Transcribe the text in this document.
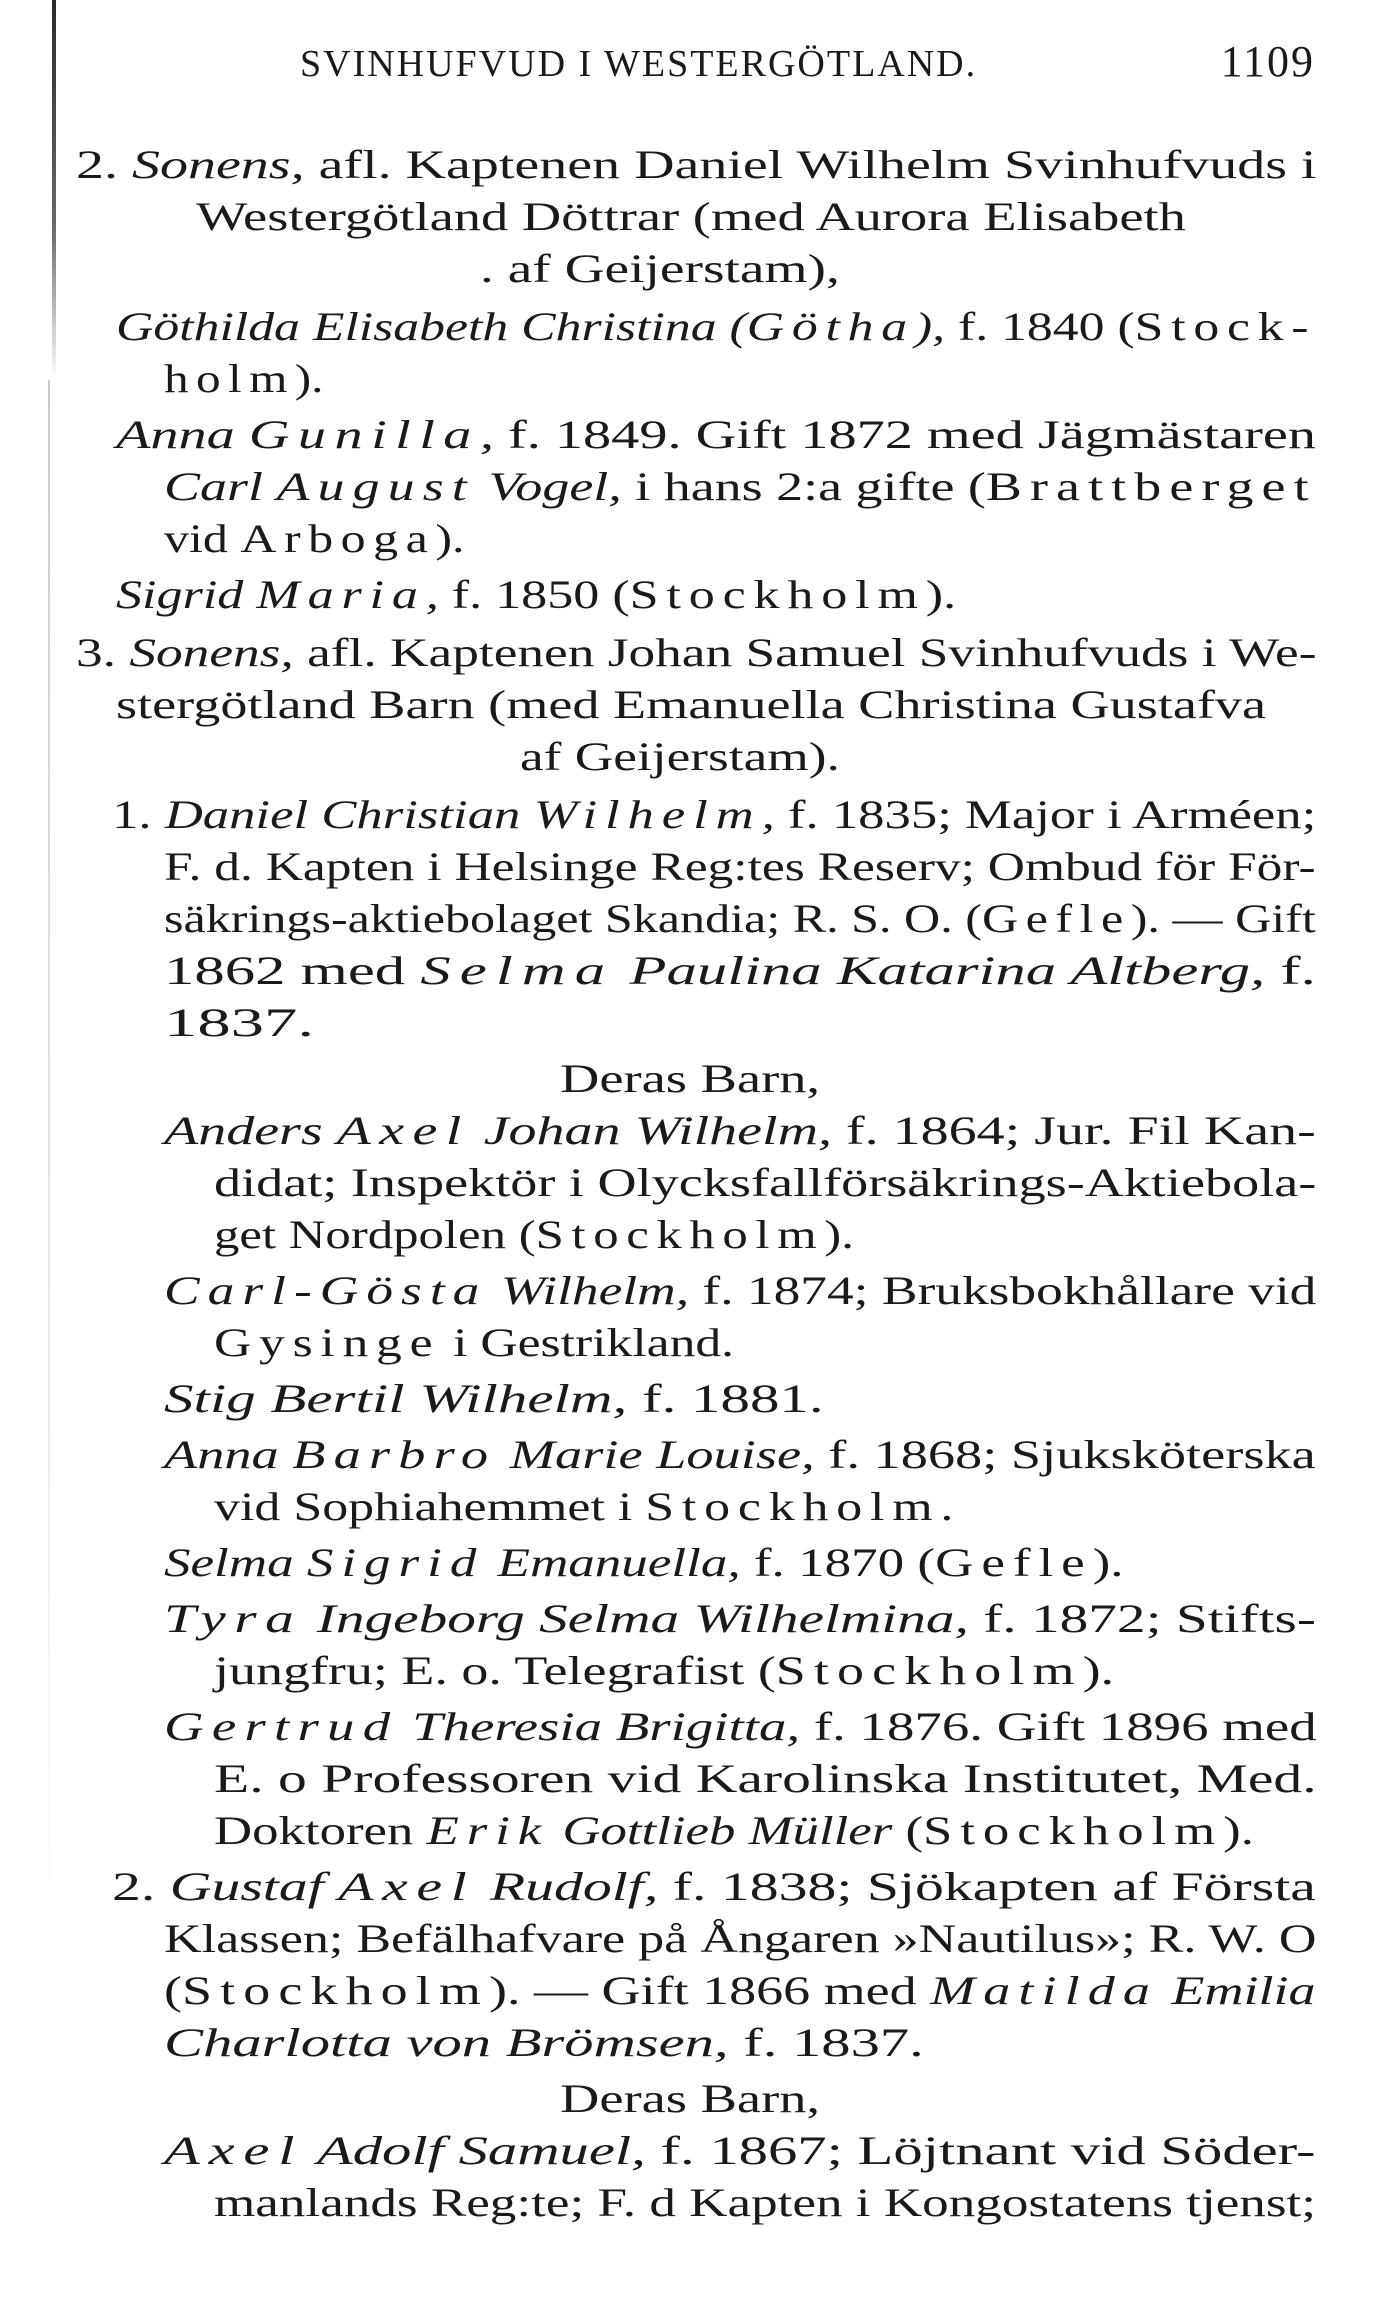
SVINHUFVUD I WESTERGÖTLAND.	1109
2. Sonens, afl. Kaptenen Daniel Wilhelm Svinhufvuds i
Westergötland Döttrar (med Aurora Elisabeth
. af Geijerstam),
Göthilda Elisabeth Christina (Götha), f. 1840 (Stock-
holm).
Anna Gunilla, f. 1849. Gift 1872 med Jägmästaren
Carl August Vogel, i hans 2:a gifte (Brattberget
vid Arboga).
Sigrid Maria, f. 1850 (Stockholm).
3. Sonens, afl. Kaptenen Johan Samuel Svinhufvuds i We-
stergötland Barn (med Emanuella Christina Gustafva
af Geijerstam).
1. Daniel Christian Wilhelm, f. 1835; Major i Arméen;
F. d. Kapten i Helsinge Reg:tes Reserv; Ombud för För-
säkrings-aktiebolaget Skandia; R. S. O. (Gefle). — Gift
1862 med Selma Paulina Katarina Altberg, f.
1837.
Deras Barn,
Anders Axel Johan Wilhelm, f. 1864; Jur. Fil Kan-
didat; Inspektör i Olycksfallförsäkrings-Aktiebola-
get Nordpolen (Stockholm).
Carl-Gösta Wilhelm, f. 1874; Bruksbokhållare vid
Gysinge i Gestrikland.
Stig Bertil Wilhelm, f. 1881.
Anna Barbro Marie Louise, f. 1868; Sjuksköterska
vid Sophiahemmet i Stockholm.
Selma Sigrid Emanuella, f. 1870 (Gefle).
Tyra Ingeborg Selma Wilhelmina, f. 1872; Stifts-
jungfru; E. o. Telegrafist (Stockholm).
Gertrud Theresia Brigitta, f. 1876. Gift 1896 med
E. o Professoren vid Karolinska Institutet, Med.
Doktoren Erik Gottlieb Müller (Stockholm).
2. Gustaf Axel Rudolf, f. 1838; Sjökapten af Första
Klassen; Befälhafvare på Ångaren »Nautilus»; R. W. O
(Stockholm). — Gift 1866 med Matilda Emilia
Charlotta von Brömsen, f. 1837.
Deras Barn,
Axel Adolf Samuel, f. 1867; Löjtnant vid Söder-
manlands Reg:te; F. d Kapten i Kongostatens tjenst;
